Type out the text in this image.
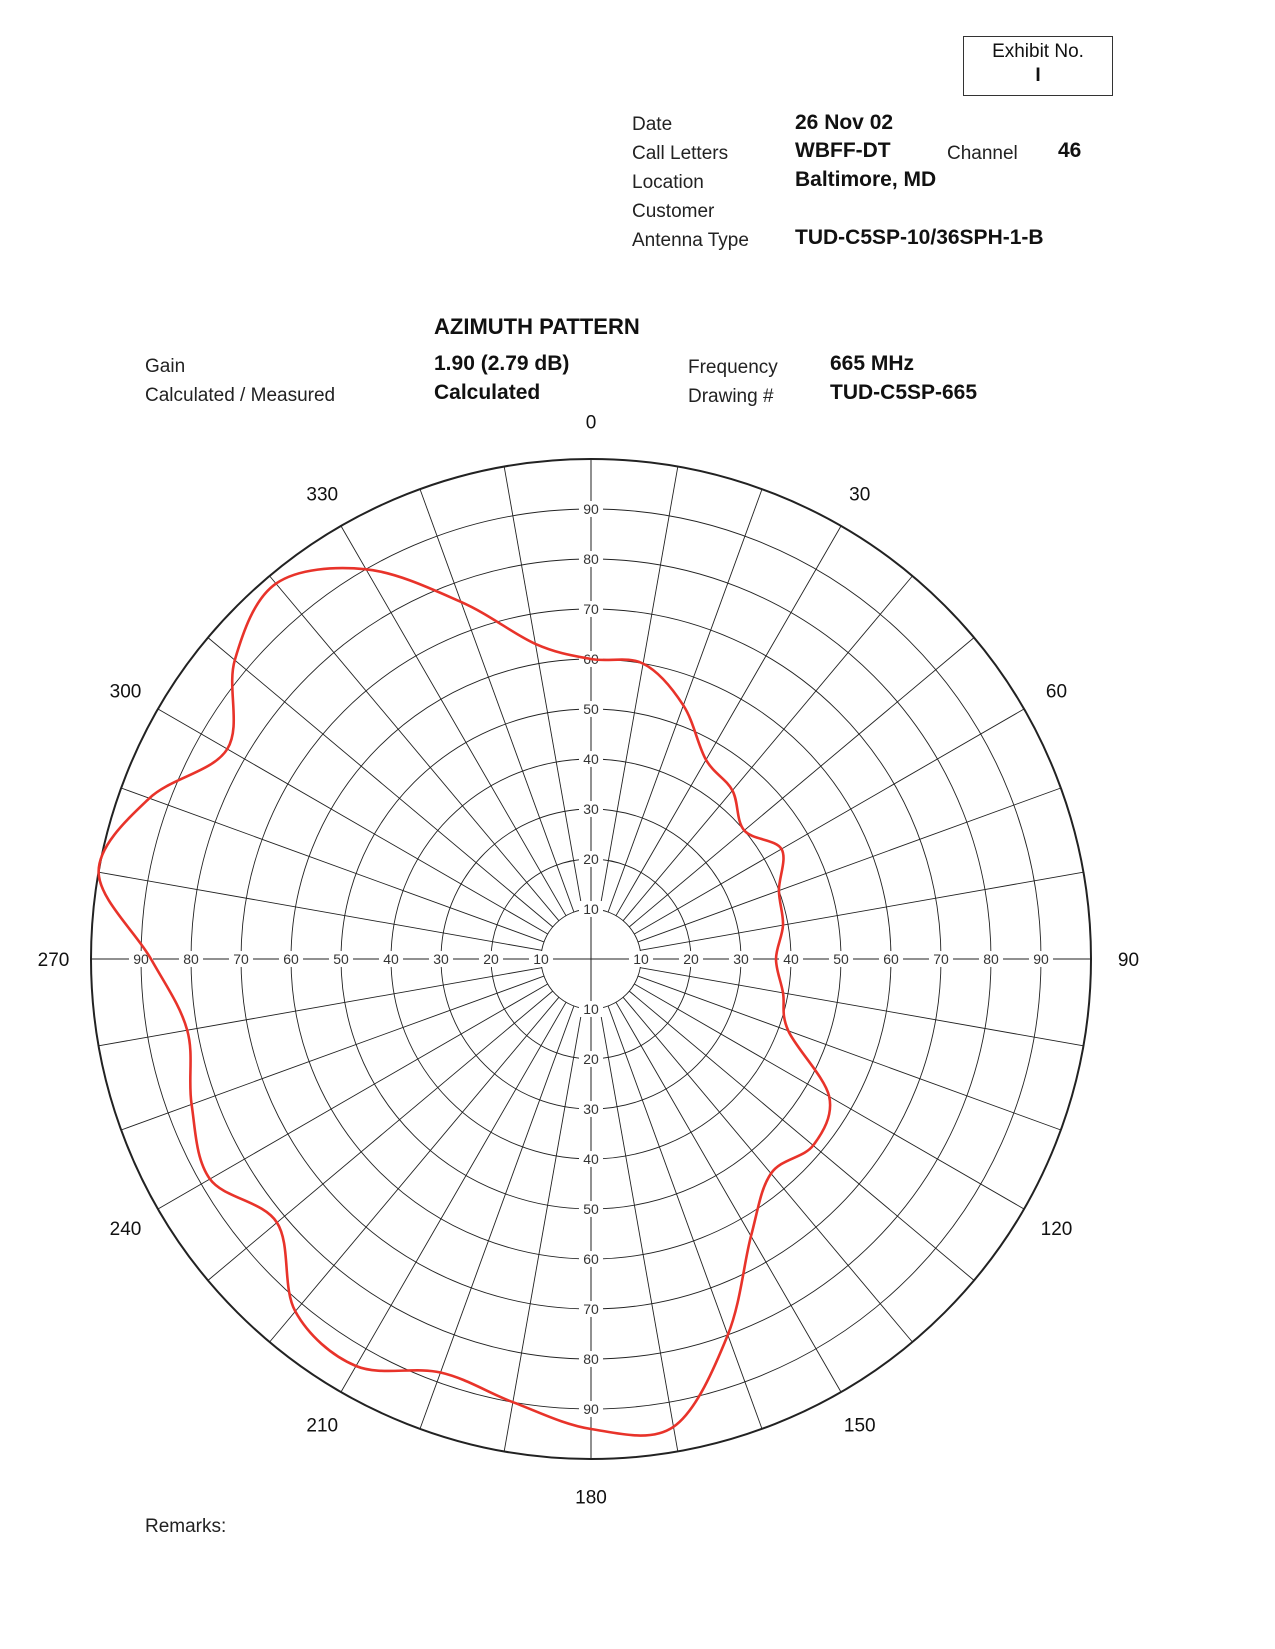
Exhibit No.
I
Date	26 Nov 02
Call Letters	WBFF-DT	Channel 46
Location	Baltimore, MD
Customer
Antenna Type TUD-C5SP-10/36SPH-1-B
AZIMUTH PATTERN
Gain	1.90 (2.79 dB)
Calculated / Measured	Calculated
Frequency 665 MHz
Drawing #	TUD-C5SP-665
10
20
30
40
50
60
70
80
90
10
20
30
40
50
60
70
80
90
10
20
30
40
50
60
70
80
90	10 20 30 40 50 60 70 80 90
0
30
60
90
120
150
180
210
240
270
300
330
Remarks:
